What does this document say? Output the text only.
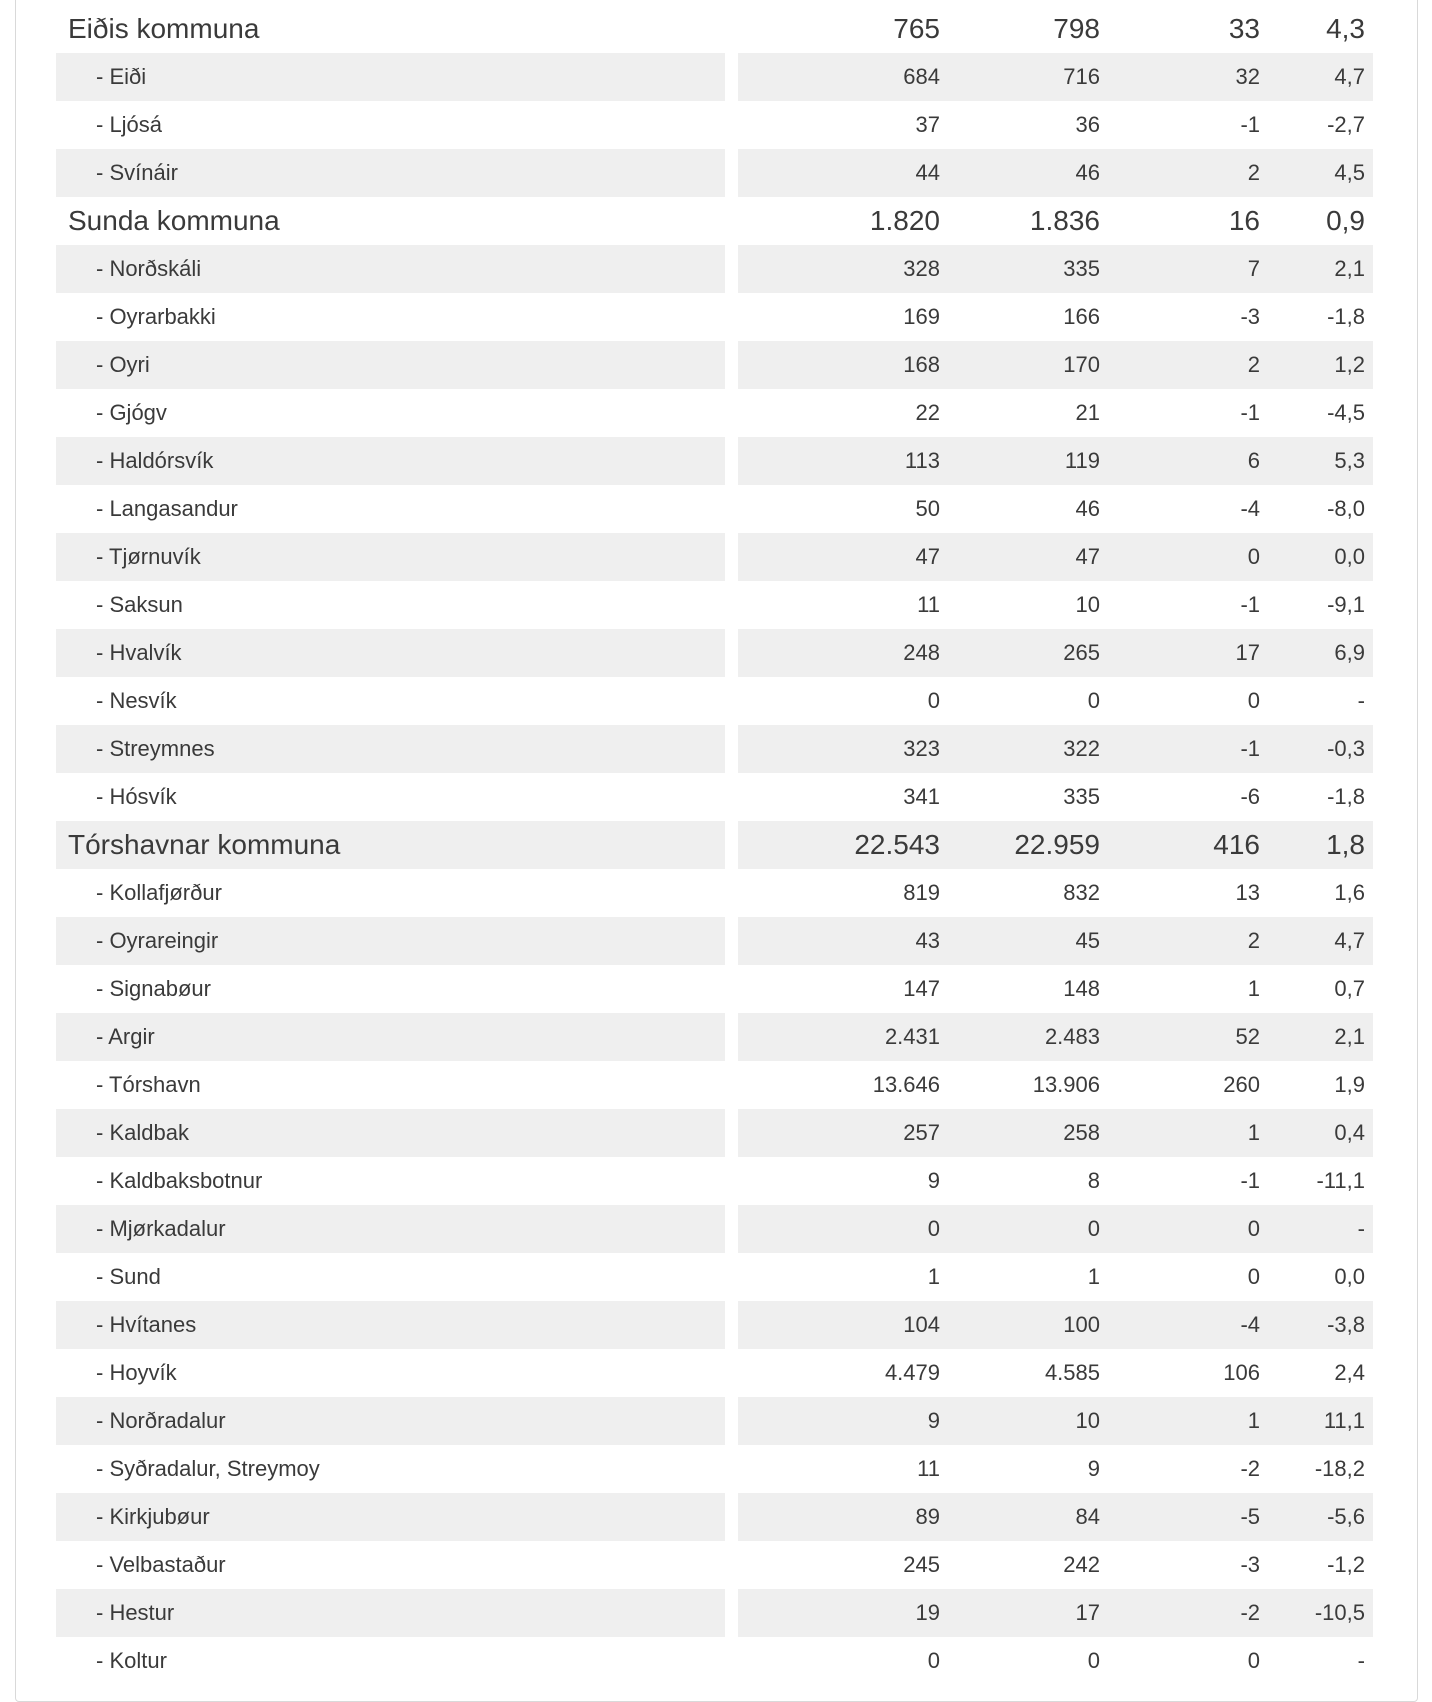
Eiðis kommuna	765	798	33	4,3
- Eiði	684	716	32	4,7
- Ljósá	37	36	-1	-2,7
- Svínáir	44	46	2	4,5
Sunda kommuna	1.820	1.836	16	0,9
- Norðskáli	328	335	7	2,1
- Oyrarbakki	169	166	-3	-1,8
- Oyri	168	170	2	1,2
- Gjógv	22	21	-1	-4,5
- Haldórsvík	113	119	6	5,3
- Langasandur	50	46	-4	-8,0
- Tjørnuvík	47	47	0	0,0
- Saksun	11	10	-1	-9,1
- Hvalvík	248	265	17	6,9
- Nesvík	0	0	0	-
- Streymnes	323	322	-1	-0,3
- Hósvík	341	335	-6	-1,8
Tórshavnar kommuna	22.543	22.959	416	1,8
- Kollafjørður	819	832	13	1,6
- Oyrareingir	43	45	2	4,7
- Signabøur	147	148	1	0,7
- Argir	2.431	2.483	52	2,1
- Tórshavn	13.646	13.906	260	1,9
- Kaldbak	257	258	1	0,4
- Kaldbaksbotnur	9	8	-1	-11,1
- Mjørkadalur	0	0	0	-
- Sund	1	1	0	0,0
- Hvítanes	104	100	-4	-3,8
- Hoyvík	4.479	4.585	106	2,4
- Norðradalur	9	10	1	11,1
- Syðradalur, Streymoy	11	9	-2	-18,2
- Kirkjubøur	89	84	-5	-5,6
- Velbastaður	245	242	-3	-1,2
- Hestur	19	17	-2	-10,5
- Koltur	0	0	0	-
